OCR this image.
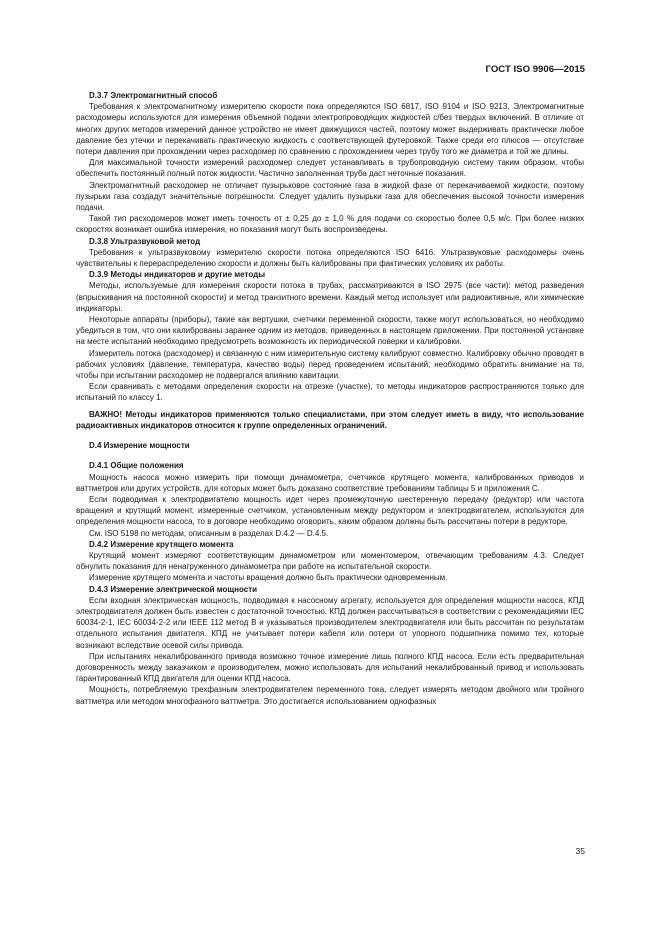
ГОСТ ISO 9906—2015

D.3.7 Электромагнитный способ

Требования к электромагнитному измерителю скорости пока определяются ISO 6817, ISO 9104 и ISO 9213. Электромагнитные расходомеры используются для измерения объемной подачи электропроводящих жидкостей с/без твердых включений. В отличие от многих других методов измерений данное устройство не имеет движущихся частей, поэтому может выдерживать практически любое давление без утечки и перекачивать практическую жидкость с соответствующей футеровкой. Также среди его плюсов — отсутствие потери давления при прохождении через расходомер по сравнению с прохождением через трубу того же диаметра и той же длины.

Для максимальной точности измерений расходомер следует устанавливать в трубопроводную систему таким образом, чтобы обеспечить постоянный полный поток жидкости. Частично заполненная труба даст неточные показания.

Электромагнитный расходомер не отличает пузырьковое состояние газа в жидкой фазе от перекачиваемой жидкости, поэтому пузырьки газа создадут значительные погрешности. Следует удалить пузырьки газа для обеспечения высокой точности измерения подачи.

Такой тип расходомеров может иметь точность от ± 0,25 до ± 1,0 % для подачи со скоростью более 0,5 м/с. При более низких скоростях возникает ошибка измерения, но показания могут быть воспроизведены.

D.3.8 Ультразвуковой метод

Требования к ультразвуковому измерителю скорости потока определяются ISO 6416. Ультразвуковые расходомеры очень чувствительны к перераспределению скорости и должны быть калиброваны при фактических условиях их работы.

D.3.9 Методы индикаторов и другие методы

Методы, используемые для измерения скорости потока в трубах, рассматриваются в ISO 2975 (все части): метод разведения (впрыскивания на постоянной скорости) и метод транзитного времени. Каждый метод использует или радиоактивные, или химические индикаторы.

Некоторые аппараты (приборы), такие как вертушки, счетчики переменной скорости, также могут использоваться, но необходимо убедиться в том, что они калиброваны заранее одним из методов, приведенных в настоящем приложении. При постоянной установке на месте испытаний необходимо предусмотреть возможность их периодической поверки и калибровки.

Измеритель потока (расходомер) и связанную с ним измерительную систему калибруют совместно. Калибровку обычно проводят в рабочих условиях (давление, температура, качество воды) перед проведением испытаний; необходимо обратить внимание на то, чтобы при испытании расходомер не подвергался влиянию кавитации.

Если сравнивать с методами определения скорости на отрезке (участке), то методы индикаторов распространяются только для испытаний по классу 1.

ВАЖНО! Методы индикаторов применяются только специалистами, при этом следует иметь в виду, что использование радиоактивных индикаторов относится к группе определенных ограничений.

D.4 Измерение мощности
D.4.1 Общие положения

Мощность насоса можно измерить при помощи динамометра, счетчиков крутящего момента, калиброванных приводов и ваттметров или других устройств, для которых может быть доказано соответствие требованиям таблицы 5 и приложения С.

Если подводимая к электродвигателю мощность идет через промежуточную шестеренную передачу (редуктор) или частота вращения и крутящий момент, измеренные счетчиком, установленным между редуктором и электродвигателем, используются для определения мощности насоса, то в договоре необходимо оговорить, каким образом должны быть рассчитаны потери в редукторе.

См. ISO 5198 по методам, описанным в разделах D.4.2 — D.4.5.

D.4.2 Измерение крутящего момента

Крутящий момент измеряют соответствующим динамометром или моментомером, отвечающим требованиям 4.3. Следует обнулить показания для ненагруженного динамометра при работе на испытательной скорости.

Измерение крутящего момента и частоты вращения должно быть практически одновременным.

D.4.3 Измерение электрической мощности

Если входная электрическая мощность, подводимая к насосному агрегату, используется для определения мощности насоса, КПД электродвигателя должен быть известен с достаточной точностью. КПД должен рассчитываться в соответствии с рекомендациями IEC 60034-2-1, IEC 60034-2-2 или IEEE 112 метод B и указываться производителем электродвигателя или быть рассчитан по результатам отдельного испытания двигателя. КПД не учитывает потери кабеля или потери от упорного подшипника помимо тех, которые возникают вследствие осевой силы привода.

При испытаниях некалиброванного привода возможно точное измерение лишь полного КПД насоса. Если есть предварительная договоренность между заказчиком и производителем, можно использовать для испытаний некалиброванный привод и использовать гарантированный КПД двигателя для оценки КПД насоса.

Мощность, потребляемую трехфазным электродвигателем переменного тока, следует измерять методом двойного или тройного ваттметра или методом многофазного ваттметра. Это достигается использованием однофазных

35
